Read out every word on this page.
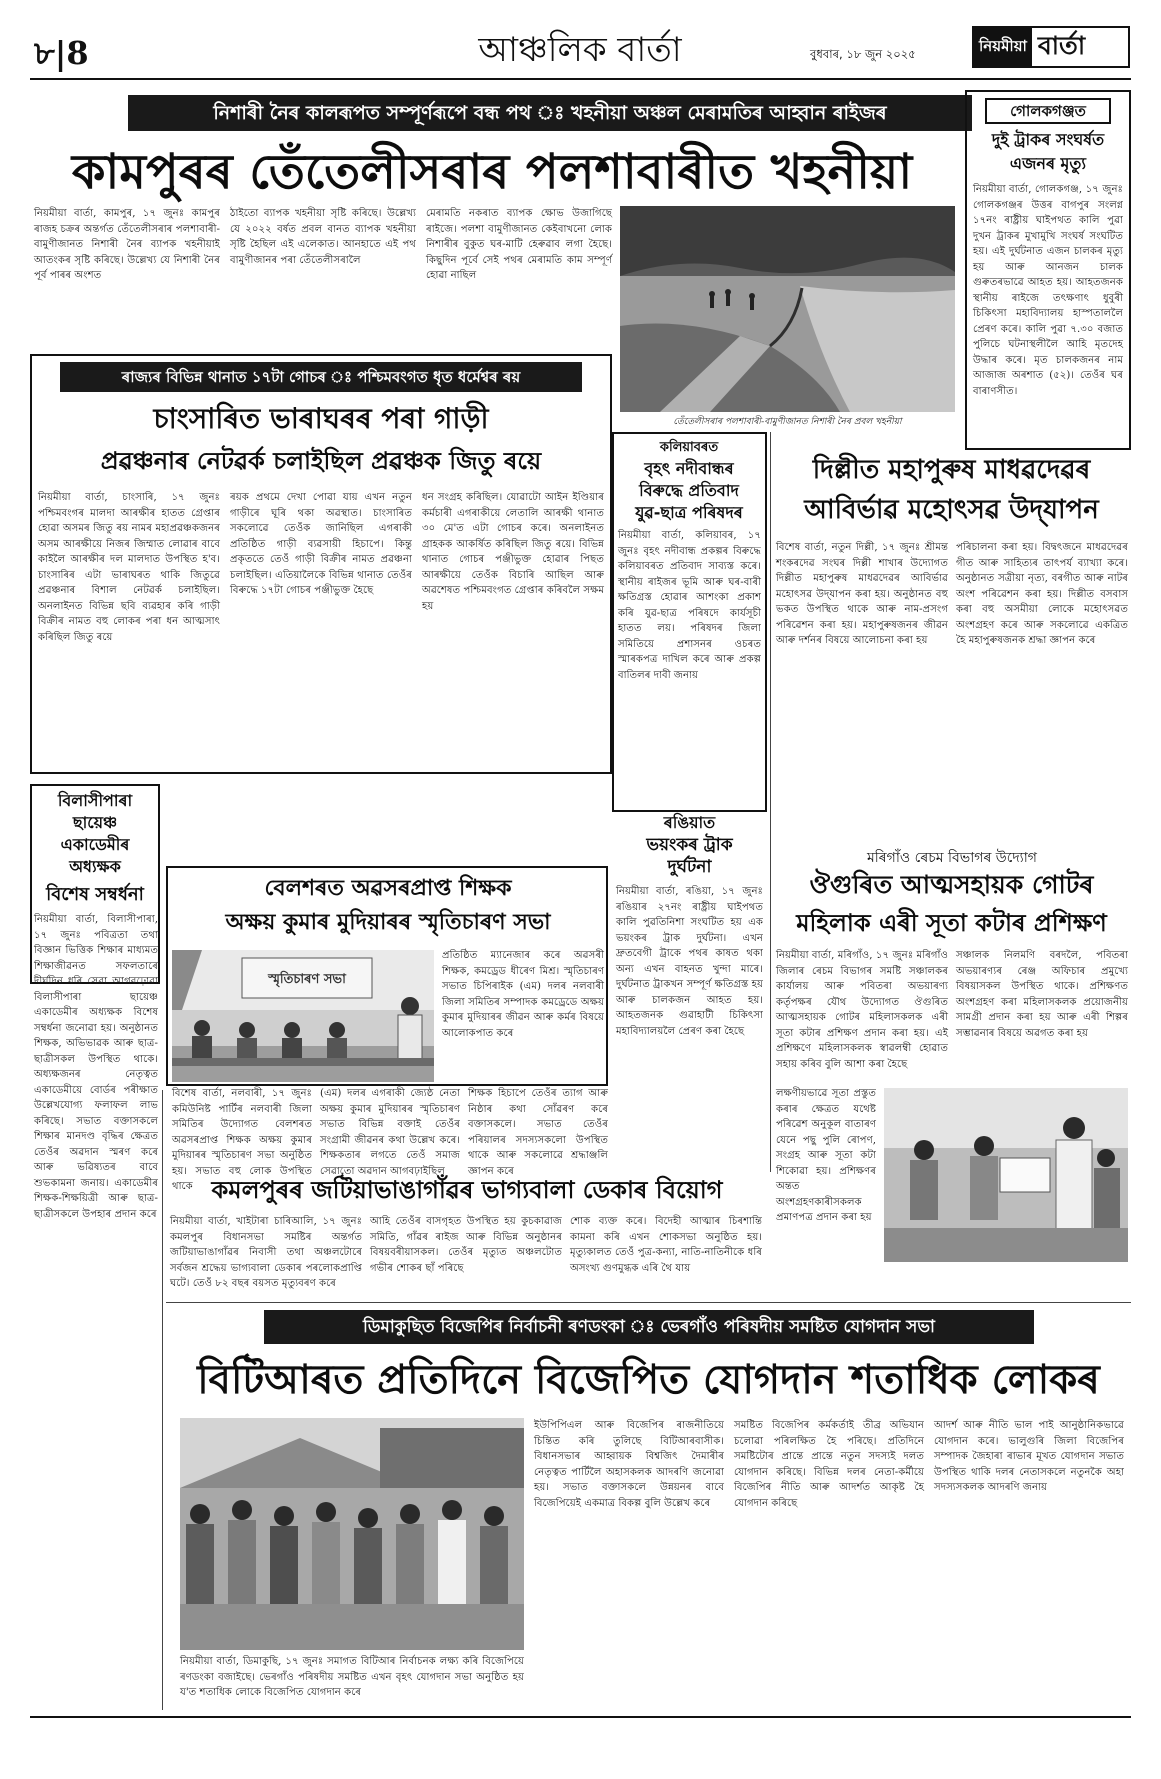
৮|8	আঞ্চলিক বাৰ্তা	বুধবাৰ, ১৮ জুন ২০২৫	নিয়মীয়া বাৰ্তা
নিশাৰী নৈৰ কালৰূপত সম্পূৰ্ণৰূপে বন্ধ পথ ঃ খহনীয়া অঞ্চল মেৰামতিৰ আহ্বান ৰাইজৰ
কামপুৰৰ তেঁতেলীসৰাৰ পলশাবাৰীত খহনীয়া
নিয়মীয়া বাৰ্তা, কামপুৰ, ১৭ জুনঃ কামপুৰ ৰাজহ চক্ৰৰ অন্তৰ্গত তেঁতেলীসৰাৰ পলশাবাৰী-বামুণীজানত নিশাৰী নৈৰ ব্যাপক খহনীয়াই আতংকৰ সৃষ্টি কৰিছে। উল্লেখ্য যে নিশাৰী নৈৰ পূৰ্ব পাৰৰ অংশত
ঠাইতো ব্যাপক খহনীয়া সৃষ্টি কৰিছে। উল্লেখ্য যে ২০২২ বৰ্ষত প্ৰবল বানত ব্যাপক খহনীয়া সৃষ্টি হৈছিল এই এলেকাত। আনহাতে এই পথ বামুণীজানৰ পৰা তেঁতেলীসৰালৈ
মেৰামতি নকৰাত ব্যাপক ক্ষোভ উজাগিছে ৰাইজে। পলশা বামুণীজানত কেইবাখনো লোক নিশাৰীৰ বুকুত ঘৰ-মাটি হেৰুৱাব লগা হৈছে। কিছুদিন পূৰ্বে সেই পথৰ মেৰামতি কাম সম্পূৰ্ণ হোৱা নাছিল
তেঁতেলীসৰাৰ পলশাবাৰী-বামুণীজানত নিশাৰী নৈৰ প্ৰবল খহনীয়া
গোলকগঞ্জত
দুই ট্ৰাকৰ সংঘৰ্ষত
এজনৰ মৃত্যু
নিয়মীয়া বাৰ্তা, গোলকগঞ্জ, ১৭ জুনঃ গোলকগঞ্জৰ উত্তৰ বাগপুৰ সংলগ্ন ১৭নং ৰাষ্ট্ৰীয় ঘাইপথত কালি পুৱা দুখন ট্ৰাকৰ মুখামুখি সংঘৰ্ষ সংঘটিত হয়। এই দুৰ্ঘটনাত এজন চালকৰ মৃত্যু হয় আৰু আনজন চালক গুৰুতৰভাৱে আহত হয়। আহতজনক স্থানীয় ৰাইজে তৎক্ষণাৎ ধুবুৰী চিকিৎসা মহাবিদ্যালয় হাস্পতাললৈ প্ৰেৰণ কৰে। কালি পুৱা ৭.৩০ বজাত পুলিচে ঘটনাস্থলীলৈ আহি মৃতদেহ উদ্ধাৰ কৰে। মৃত চালকজনৰ নাম আজাজ অৰশাত (৫২)। তেওঁৰ ঘৰ বাৰাণসীত।
ৰাজ্যৰ বিভিন্ন থানাত ১৭টা গোচৰ ঃ পশ্চিমবংগত ধৃত ধৰ্মেশ্বৰ ৰয়
চাংসাৰিত ভাৰাঘৰৰ পৰা গাড়ী
প্ৰৱঞ্চনাৰ নেটৱৰ্ক চলাইছিল প্ৰৱঞ্চক জিতু ৰয়ে
নিয়মীয়া বাৰ্তা, চাংসাৰি, ১৭ জুনঃ পশ্চিমবংগৰ মালদা আৰক্ষীৰ হাতত গ্ৰেপ্তাৰ হোৱা অসমৰ জিতু ৰয় নামৰ মহাপ্ৰৱঞ্চকজনৰ অসম আৰক্ষীয়ে নিজৰ জিম্মাত লোৱাৰ বাবে কাইলৈ আৰক্ষীৰ দল মালদাত উপস্থিত হ'ব। চাংসাৰিৰ এটা ভাৰাঘৰত থাকি জিতুৱে প্ৰৱঞ্চনাৰ বিশাল নেটৱৰ্ক চলাইছিল। অনলাইনত বিভিন্ন ছবি ব্যৱহাৰ কৰি গাড়ী বিক্ৰীৰ নামত বহু লোকৰ পৰা ধন আত্মসাৎ কৰিছিল জিতু ৰয়ে
ৰয়ক প্ৰথমে দেখা পোৱা যায় এখন নতুন গাড়ীৰে ঘূৰি থকা অৱস্থাত। চাংসাৰিত সকলোৱে তেওঁক জানিছিল এগৰাকী প্ৰতিষ্ঠিত গাড়ী ব্যৱসায়ী হিচাপে। কিন্তু প্ৰকৃততে তেওঁ গাড়ী বিক্ৰীৰ নামত প্ৰৱঞ্চনা চলাইছিল। এতিয়ালৈকে বিভিন্ন থানাত তেওঁৰ বিৰুদ্ধে ১৭টা গোচৰ পঞ্জীভুক্ত হৈছে
ধন সংগ্ৰহ কৰিছিল। যোৱাটো আইন ইণ্ডিয়াৰ কৰ্মচাৰী এগৰাকীয়ে লেতালি আৰক্ষী থানাত ৩০ মে'ত এটা গোচৰ কৰে। অনলাইনত গ্ৰাহকক আকৰ্ষিত কৰিছিল জিতু ৰয়ে। বিভিন্ন থানাত গোচৰ পঞ্জীভুক্ত হোৱাৰ পিছত আৰক্ষীয়ে তেওঁক বিচাৰি আছিল আৰু অৱশেষত পশ্চিমবংগত গ্ৰেপ্তাৰ কৰিবলৈ সক্ষম হয়
কলিয়াবৰত
বৃহৎ নদীবান্ধৰ
বিৰুদ্ধে প্ৰতিবাদ
যুৱ-ছাত্ৰ পৰিষদৰ
নিয়মীয়া বাৰ্তা, কলিয়াবৰ, ১৭ জুনঃ বৃহৎ নদীবান্ধ প্ৰকল্পৰ বিৰুদ্ধে কলিয়াবৰত প্ৰতিবাদ সাব্যস্ত কৰে। স্থানীয় ৰাইজৰ ভূমি আৰু ঘৰ-বাৰী ক্ষতিগ্ৰস্ত হোৱাৰ আশংকা প্ৰকাশ কৰি যুৱ-ছাত্ৰ পৰিষদে কাৰ্যসূচী হাতত লয়। পৰিষদৰ জিলা সমিতিয়ে প্ৰশাসনৰ ওচৰত স্মাৰকপত্ৰ দাখিল কৰে আৰু প্ৰকল্প বাতিলৰ দাবী জনায়
ৰঙিয়াত
ভয়ংকৰ ট্ৰাক
দুৰ্ঘটনা
নিয়মীয়া বাৰ্তা, ৰঙিয়া, ১৭ জুনঃ ৰঙিয়াৰ ২৭নং ৰাষ্ট্ৰীয় ঘাইপথত কালি পুৱতিনিশা সংঘটিত হয় এক ভয়ংকৰ ট্ৰাক দুৰ্ঘটনা। এখন দ্ৰুতবেগী ট্ৰাকে পথৰ কাষত থকা অন্য এখন বাহনত খুন্দা মাৰে। দুৰ্ঘটনাত ট্ৰাকখন সম্পূৰ্ণ ক্ষতিগ্ৰস্ত হয় আৰু চালকজন আহত হয়। আহতজনক গুৱাহাটী চিকিৎসা মহাবিদ্যালয়লৈ প্ৰেৰণ কৰা হৈছে
দিল্লীত মহাপুৰুষ মাধৱদেৱৰ
আবিৰ্ভাৱ মহোৎসৱ উদ্‌যাপন
বিশেষ বাৰ্তা, নতুন দিল্লী, ১৭ জুনঃ শ্ৰীমন্ত শংকৰদেৱ সংঘৰ দিল্লী শাখাৰ উদ্যোগত দিল্লীত মহাপুৰুষ মাধৱদেৱৰ আবিৰ্ভাৱ মহোৎসৱ উদ্‌যাপন কৰা হয়। অনুষ্ঠানত বহু ভকত উপস্থিত থাকে আৰু নাম-প্ৰসংগ পৰিৱেশন কৰা হয়। মহাপুৰুষজনৰ জীৱন আৰু দৰ্শনৰ বিষয়ে আলোচনা কৰা হয়
পৰিচালনা কৰা হয়। বিদ্বৎজনে মাধৱদেৱৰ গীত আৰু সাহিত্যৰ তাৎপৰ্য ব্যাখ্যা কৰে। অনুষ্ঠানত সত্ৰীয়া নৃত্য, বৰগীত আৰু নাটৰ অংশ পৰিৱেশন কৰা হয়। দিল্লীত বসবাস কৰা বহু অসমীয়া লোকে মহোৎসৱত অংশগ্ৰহণ কৰে আৰু সকলোৱে একত্ৰিত হৈ মহাপুৰুষজনক শ্ৰদ্ধা জ্ঞাপন কৰে
বিলাসীপাৰা
ছায়েঞ্চ
একাডেমীৰ
অধ্যক্ষক
বিশেষ সম্বৰ্ধনা
নিয়মীয়া বাৰ্তা, বিলাসীপাৰা, ১৭ জুনঃ পবিত্ৰতা তথা বিজ্ঞান ভিত্তিক শিক্ষাৰ মাধ্যমত শিক্ষাজীৱনত সফলতাৰে দীৰ্ঘদিন ধৰি সেৱা আগবঢ়োৱা বিলাসীপাৰা ছায়েঞ্চ একাডেমীৰ অধ্যক্ষক বিশেষ সম্বৰ্ধনা জনোৱা হয়। অনুষ্ঠানত শিক্ষক, অভিভাৱক আৰু ছাত্ৰ-ছাত্ৰীসকল উপস্থিত থাকে। অধ্যক্ষজনৰ নেতৃত্বত একাডেমীয়ে বোৰ্ডৰ পৰীক্ষাত উল্লেখযোগ্য ফলাফল লাভ কৰিছে। সভাত বক্তাসকলে শিক্ষাৰ মানদণ্ড বৃদ্ধিৰ ক্ষেত্ৰত তেওঁৰ অৱদান স্মৰণ কৰে আৰু ভৱিষ্যতৰ বাবে শুভকামনা জনায়। একাডেমীৰ শিক্ষক-শিক্ষয়িত্ৰী আৰু ছাত্ৰ-ছাত্ৰীসকলে উপহাৰ প্ৰদান কৰে
বেলশৰত অৱসৰপ্ৰাপ্ত শিক্ষক
অক্ষয় কুমাৰ মুদিয়াৰৰ স্মৃতিচাৰণ সভা
স্মৃতিচাৰণ সভা
প্ৰতিষ্ঠিত ম্যানেজাৰ কৰে অৱসৰী শিক্ষক, কমড্ৰেড ধীৰেণ মিশ্ৰ। স্মৃতিচাৰণ সভাত চিপিৰাইক (এম) দলৰ নলবাৰী জিলা সমিতিৰ সম্পাদক কমড্ৰেডে অক্ষয় কুমাৰ মুদিয়াৰৰ জীৱন আৰু কৰ্মৰ বিষয়ে আলোকপাত কৰে
বিশেষ বাৰ্তা, নলবাৰী, ১৭ জুনঃ কমিউনিষ্ট পাৰ্টিৰ নলবাৰী জিলা সমিতিৰ উদ্যোগত বেলশৰত অৱসৰপ্ৰাপ্ত শিক্ষক অক্ষয় কুমাৰ মুদিয়াৰৰ স্মৃতিচাৰণ সভা অনুষ্ঠিত হয়। সভাত বহু লোক উপস্থিত থাকে
(এম) দলৰ এগৰাকী জ্যেষ্ঠ নেতা অক্ষয় কুমাৰ মুদিয়াৰৰ স্মৃতিচাৰণ সভাত বিভিন্ন বক্তাই তেওঁৰ সংগ্ৰামী জীৱনৰ কথা উল্লেখ কৰে। শিক্ষকতাৰ লগতে তেওঁ সমাজ সেৱাতো অৱদান আগবঢ়াইছিল
শিক্ষক হিচাপে তেওঁৰ ত্যাগ আৰু নিষ্ঠাৰ কথা সোঁৱৰণ কৰে বক্তাসকলে। সভাত তেওঁৰ পৰিয়ালৰ সদস্যসকলো উপস্থিত থাকে আৰু সকলোৱে শ্ৰদ্ধাঞ্জলি জ্ঞাপন কৰে
মৰিগাঁও ৰেচম বিভাগৰ উদ্যোগ
ঔগুৰিত আত্মসহায়ক গোটৰ
মহিলাক এৰী সূতা কটাৰ প্ৰশিক্ষণ
নিয়মীয়া বাৰ্তা, মৰিগাঁও, ১৭ জুনঃ মৰিগাঁও জিলাৰ ৰেচম বিভাগৰ সমষ্টি সঞ্চালকৰ কাৰ্যালয় আৰু পবিতৰা অভয়াৰণ্য কৰ্তৃপক্ষৰ যৌথ উদ্যোগত ঔগুৰিত আত্মসহায়ক গোটৰ মহিলাসকলক এৰী সূতা কটাৰ প্ৰশিক্ষণ প্ৰদান কৰা হয়। এই প্ৰশিক্ষণে মহিলাসকলক স্বাৱলম্বী হোৱাত সহায় কৰিব বুলি আশা কৰা হৈছে
সঞ্চালক নিলমণি বৰদলৈ, পবিতৰা অভয়াৰণ্যৰ ৰেঞ্জ অফিচাৰ প্ৰমুখ্যে বিষয়াসকল উপস্থিত থাকে। প্ৰশিক্ষণত অংশগ্ৰহণ কৰা মহিলাসকলক প্ৰয়োজনীয় সামগ্ৰী প্ৰদান কৰা হয় আৰু এৰী শিল্পৰ সম্ভাৱনাৰ বিষয়ে অৱগত কৰা হয়
লক্ষণীয়ভাৱে সূতা প্ৰস্তুত কৰাৰ ক্ষেত্ৰত যথেষ্ট পৰিৱেশ অনুকূল বাতাৰণ যেনে পছু পুলি ৰোপণ, সংগ্ৰহ আৰু সূতা কটা শিকোৱা হয়। প্ৰশিক্ষণৰ অন্তত অংশগ্ৰহণকাৰীসকলক প্ৰমাণপত্ৰ প্ৰদান কৰা হয়
কমলপুৰৰ জটিয়াভাঙাগাঁৱৰ ভাগ্যবালা ডেকাৰ বিয়োগ
নিয়মীয়া বাৰ্তা, খাইটাৰা চাৰিআলি, ১৭ জুনঃ কমলপুৰ বিধানসভা সমষ্টিৰ অন্তৰ্গত জটিয়াভাঙাগাঁৱৰ নিবাসী তথা অঞ্চলটোৰে সৰ্বজন শ্ৰদ্ধেয় ভাগ্যবালা ডেকাৰ পৰলোকপ্ৰাপ্তি ঘটে। তেওঁ ৮২ বছৰ বয়সত মৃত্যুবৰণ কৰে
আহি তেওঁৰ বাসগৃহত উপস্থিত হয় কুচকাৱাজ সমিতি, গাঁৱৰ ৰাইজ আৰু বিভিন্ন অনুষ্ঠানৰ বিষয়বৰীয়াসকল। তেওঁৰ মৃত্যুত অঞ্চলটোত গভীৰ শোকৰ ছাঁ পৰিছে
শোক ব্যক্ত কৰে। বিদেহী আত্মাৰ চিৰশান্তি কামনা কৰি এখন শোকসভা অনুষ্ঠিত হয়। মৃত্যুকালত তেওঁ পুত্ৰ-কন্যা, নাতি-নাতিনীকে ধৰি অসংখ্য গুণমুগ্ধক এৰি থৈ যায়
ডিমাকুছিত বিজেপিৰ নিৰ্বাচনী ৰণডংকা ঃ ভেৰগাঁও পৰিষদীয় সমষ্টিত যোগদান সভা
বিটিআৰত প্ৰতিদিনে বিজেপিত যোগদান শতাধিক লোকৰ
নিয়মীয়া বাৰ্তা, ডিমাকুছি, ১৭ জুনঃ সমাগত বিটিআৰ নিৰ্বাচনক লক্ষ্য কৰি বিজেপিয়ে ৰণডংকা বজাইছে। ভেৰগাঁও পৰিষদীয় সমষ্টিত এখন বৃহৎ যোগদান সভা অনুষ্ঠিত হয় য'ত শতাধিক লোকে বিজেপিত যোগদান কৰে
ইউপিপিএল আৰু বিজেপিৰ ৰাজনীতিয়ে চিন্তিত কৰি তুলিছে বিটিআৰবাসীক। বিধানসভাৰ আহ্বায়ক বিশ্বজিৎ দৈমাৰীৰ নেতৃত্বত পাৰ্টিলৈ অহাসকলক আদৰণি জনোৱা হয়। সভাত বক্তাসকলে উন্নয়নৰ বাবে বিজেপিয়েই একমাত্ৰ বিকল্প বুলি উল্লেখ কৰে
সমষ্টিত বিজেপিৰ কৰ্মকৰ্তাই তীব্ৰ অভিযান চলোৱা পৰিলক্ষিত হৈ পৰিছে। প্ৰতিদিনে সমষ্টিটোৰ প্ৰান্তে প্ৰান্তে নতুন সদস্যই দলত যোগদান কৰিছে। বিভিন্ন দলৰ নেতা-কৰ্মীয়ে বিজেপিৰ নীতি আৰু আদৰ্শত আকৃষ্ট হৈ যোগদান কৰিছে
আদৰ্শ আৰু নীতি ভাল পাই আনুষ্ঠানিকভাৱে যোগদান কৰে। ভালুগুৰি জিলা বিজেপিৰ সম্পাদক জৈহাৰা ৰাভাৰ মূখত যোগদান সভাত উপস্থিত থাকি দলৰ নেতাসকলে নতুনকৈ অহা সদস্যসকলক আদৰণি জনায়
